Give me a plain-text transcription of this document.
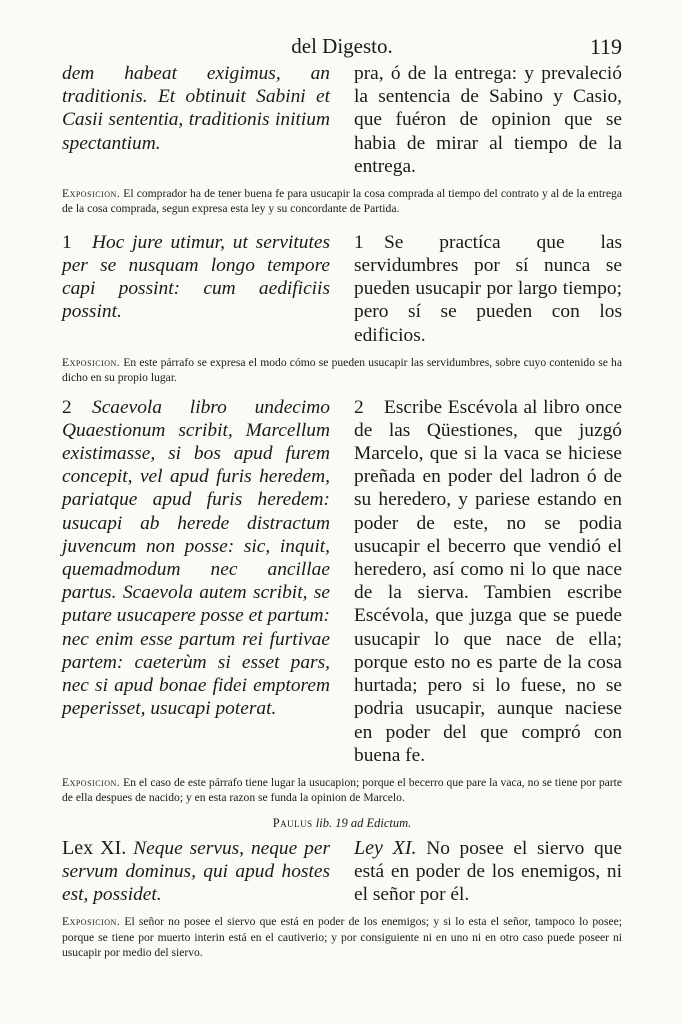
del Digesto.	119
dem habeat exigimus, an traditionis. Et obtinuit Sabini et Casii sententia, traditionis initium spectantium.
pra, ó de la entrega: y prevaleció la sentencia de Sabino y Casio, que fuéron de opinion que se habia de mirar al tiempo de la entrega.
Exposicion. El comprador ha de tener buena fe para usucapir la cosa comprada al tiempo del contrato y al de la entrega de la cosa comprada, segun expresa esta ley y su concordante de Partida.
1 Hoc jure utimur, ut servitutes per se nusquam longo tempore capi possint: cum aedificiis possint.
1 Se practíca que las servidumbres por sí nunca se pueden usucapir por largo tiempo; pero sí se pueden con los edificios.
Exposicion. En este párrafo se expresa el modo cómo se pueden usucapir las servidumbres, sobre cuyo contenido se ha dicho en su propio lugar.
2 Scaevola libro undecimo Quaestionum scribit, Marcellum existimasse, si bos apud furem concepit, vel apud furis heredem, pariatque apud furis heredem: usucapi ab herede distractum juvencum non posse: sic, inquit, quemadmodum nec ancillae partus. Scaevola autem scribit, se putare usucapere posse et partum: nec enim esse partum rei furtivae partem: caeterùm si esset pars, nec si apud bonae fidei emptorem peperisset, usucapi poterat.
2 Escribe Escévola al libro once de las Qüestiones, que juzgó Marcelo, que si la vaca se hiciese preñada en poder del ladron ó de su heredero, y pariese estando en poder de este, no se podia usucapir el becerro que vendió el heredero, así como ni lo que nace de la sierva. Tambien escribe Escévola, que juzga que se puede usucapir lo que nace de ella; porque esto no es parte de la cosa hurtada; pero si lo fuese, no se podria usucapir, aunque naciese en poder del que compró con buena fe.
Exposicion. En el caso de este párrafo tiene lugar la usucapion; porque el becerro que pare la vaca, no se tiene por parte de ella despues de nacido; y en esta razon se funda la opinion de Marcelo.
Paulus lib. 19 ad Edictum.
Lex XI. Neque servus, neque per servum dominus, qui apud hostes est, possidet.
Ley XI. No posee el siervo que está en poder de los enemigos, ni el señor por él.
Exposicion. El señor no posee el siervo que está en poder de los enemigos; y si lo esta el señor, tampoco lo posee; porque se tiene por muerto interin está en el cautiverio; y por consiguiente ni en uno ni en otro caso puede poseer ni usucapir por medio del siervo.
